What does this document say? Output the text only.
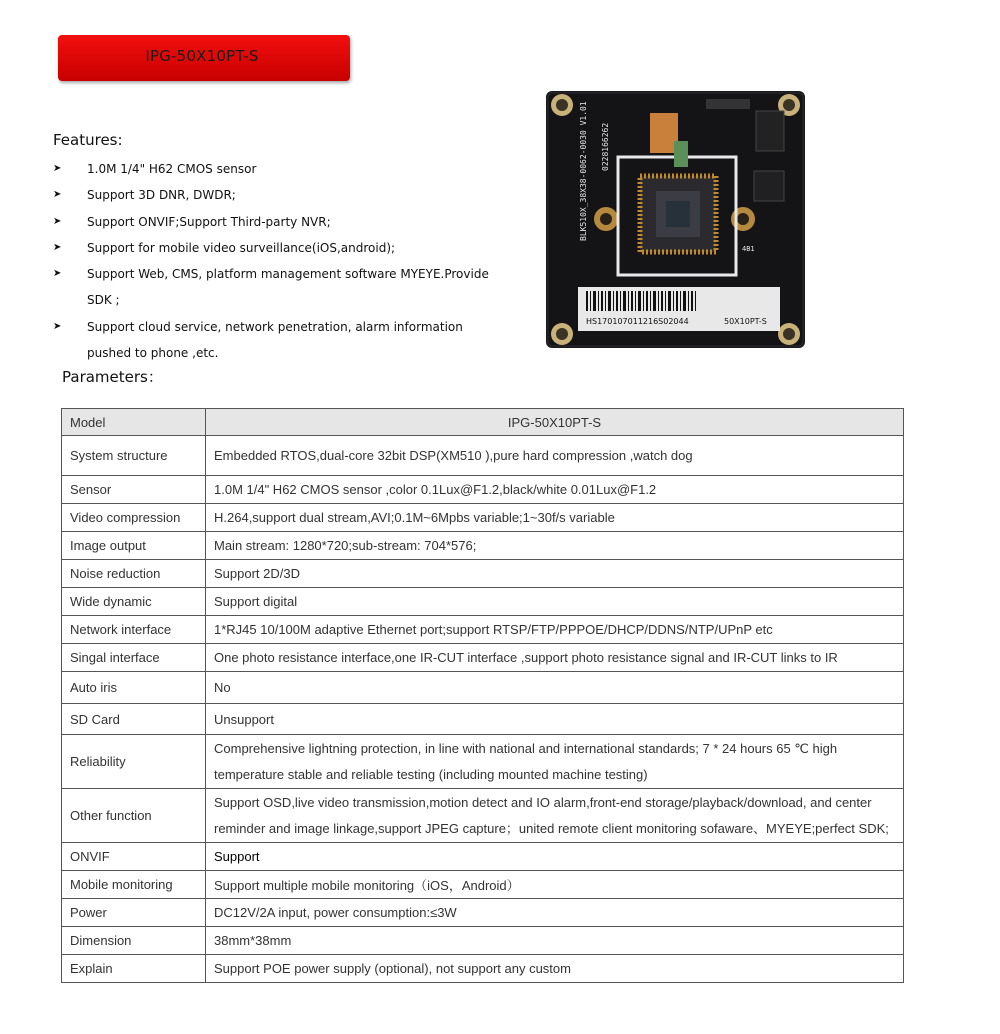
IPG-50X10PT-S
Features:
➤ 1.0M 1/4" H62 CMOS sensor
➤ Support 3D DNR, DWDR;
➤ Support ONVIF;Support Third-party NVR;
➤ Support for mobile video surveillance(iOS,android);
➤ Support Web, CMS, platform management software MYEYE.Provide SDK ;
➤ Support cloud service, network penetration, alarm information pushed to phone ,etc.
BLK510X_38X38-0062-0030 V1.01 0228166262
4B1
HS170107011216S02044	50X10PT-S
Parameters：
Model	IPG-50X10PT-S
System structure	Embedded RTOS,dual-core 32bit DSP(XM510 ),pure hard compression ,watch dog
Sensor	1.0M 1/4" H62 CMOS sensor ,color 0.1Lux@F1.2,black/white 0.01Lux@F1.2
Video compression	H.264,support dual stream,AVI;0.1M~6Mpbs variable;1~30f/s variable
Image output	Main stream: 1280*720;sub-stream: 704*576;
Noise reduction	Support 2D/3D
Wide dynamic	Support digital
Network interface	1*RJ45 10/100M adaptive Ethernet port;support RTSP/FTP/PPPOE/DHCP/DDNS/NTP/UPnP etc
Singal interface	One photo resistance interface,one IR-CUT interface ,support photo resistance signal and IR-CUT links to IR
Auto iris	No
SD Card	Unsupport
Reliability	Comprehensive lightning protection, in line with national and international standards; 7 * 24 hours 65 ℃ high temperature stable and reliable testing (including mounted machine testing)
Other function	Support OSD,live video transmission,motion detect and IO alarm,front-end storage/playback/download, and center reminder and image linkage,support JPEG capture；united remote client monitoring sofaware、MYEYE;perfect SDK;
ONVIF	Support
Mobile monitoring	Support multiple mobile monitoring（iOS，Android）
Power	DC12V/2A input, power consumption:≤3W
Dimension	38mm*38mm
Explain	Support POE power supply (optional), not support any custom
